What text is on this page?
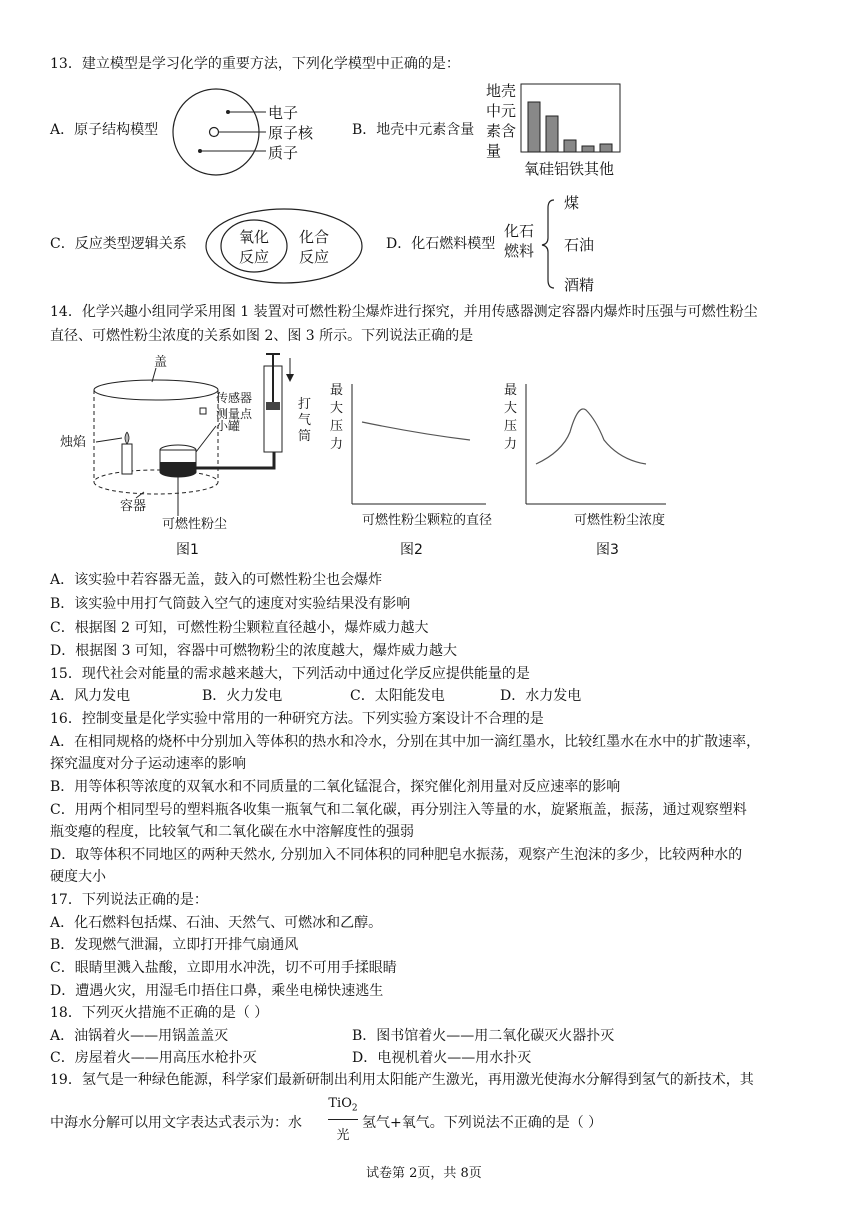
13．建立模型是学习化学的重要方法，下列化学模型中正确的是：
A．原子结构模型
电子
原子核
质子
B．地壳中元素含量
地壳
中元
素含
量
氧硅铝铁其他
C．反应类型逻辑关系	氧化
反应
化合
反应
D．化石燃料模型
化石
燃料
煤
石油
酒精
14．化学兴趣小组同学采用图 1 装置对可燃性粉尘爆炸进行探究，并用传感器测定容器内爆炸时压强与可燃性粉尘
直径、可燃性粉尘浓度的关系如图 2、图 3 所示。下列说法正确的是
盖
烛焰
小罐
传感器
测量点
打
气
筒
容器
可燃性粉尘
图1
最
大
压
力
可燃性粉尘颗粒的直径
图2
最
大
压
力
可燃性粉尘浓度
图3
A．该实验中若容器无盖，鼓入的可燃性粉尘也会爆炸
B．该实验中用打气筒鼓入空气的速度对实验结果没有影响
C．根据图 2 可知，可燃性粉尘颗粒直径越小，爆炸威力越大
D．根据图 3 可知，容器中可燃物粉尘的浓度越大，爆炸威力越大
15．现代社会对能量的需求越来越大，下列活动中通过化学反应提供能量的是
A．风力发电	B．火力发电	C．太阳能发电	D．水力发电
16．控制变量是化学实验中常用的一种研究方法。下列实验方案设计不合理的是
A．在相同规格的烧杯中分别加入等体积的热水和冷水，分别在其中加一滴红墨水，比较红墨水在水中的扩散速率，
探究温度对分子运动速率的影响
B．用等体积等浓度的双氧水和不同质量的二氧化锰混合，探究催化剂用量对反应速率的影响
C．用两个相同型号的塑料瓶各收集一瓶氧气和二氧化碳，再分别注入等量的水，旋紧瓶盖，振荡，通过观察塑料
瓶变瘪的程度，比较氧气和二氧化碳在水中溶解度性的强弱
D．取等体积不同地区的两种天然水, 分别加入不同体积的同种肥皂水振荡，观察产生泡沫的多少，比较两种水的
硬度大小
17．下列说法正确的是：
A．化石燃料包括煤、石油、天然气、可燃冰和乙醇。
B．发现燃气泄漏，立即打开排气扇通风
C．眼睛里溅入盐酸，立即用水冲洗，切不可用手揉眼睛
D．遭遇火灾，用湿毛巾捂住口鼻，乘坐电梯快速逃生
18．下列灭火措施不正确的是（ ）
A．油锅着火——用锅盖盖灭	B．图书馆着火——用二氧化碳灭火器扑灭
C．房屋着火——用高压水枪扑灭	D．电视机着火——用水扑灭
19．氢气是一种绿色能源，科学家们最新研制出利用太阳能产生激光，再用激光使海水分解得到氢气的新技术，其
中海水分解可以用文字表达式表示为：水
TiO$_2$
光
氢气+氧气。下列说法不正确的是（ ）
试卷第 2页，共 8页
